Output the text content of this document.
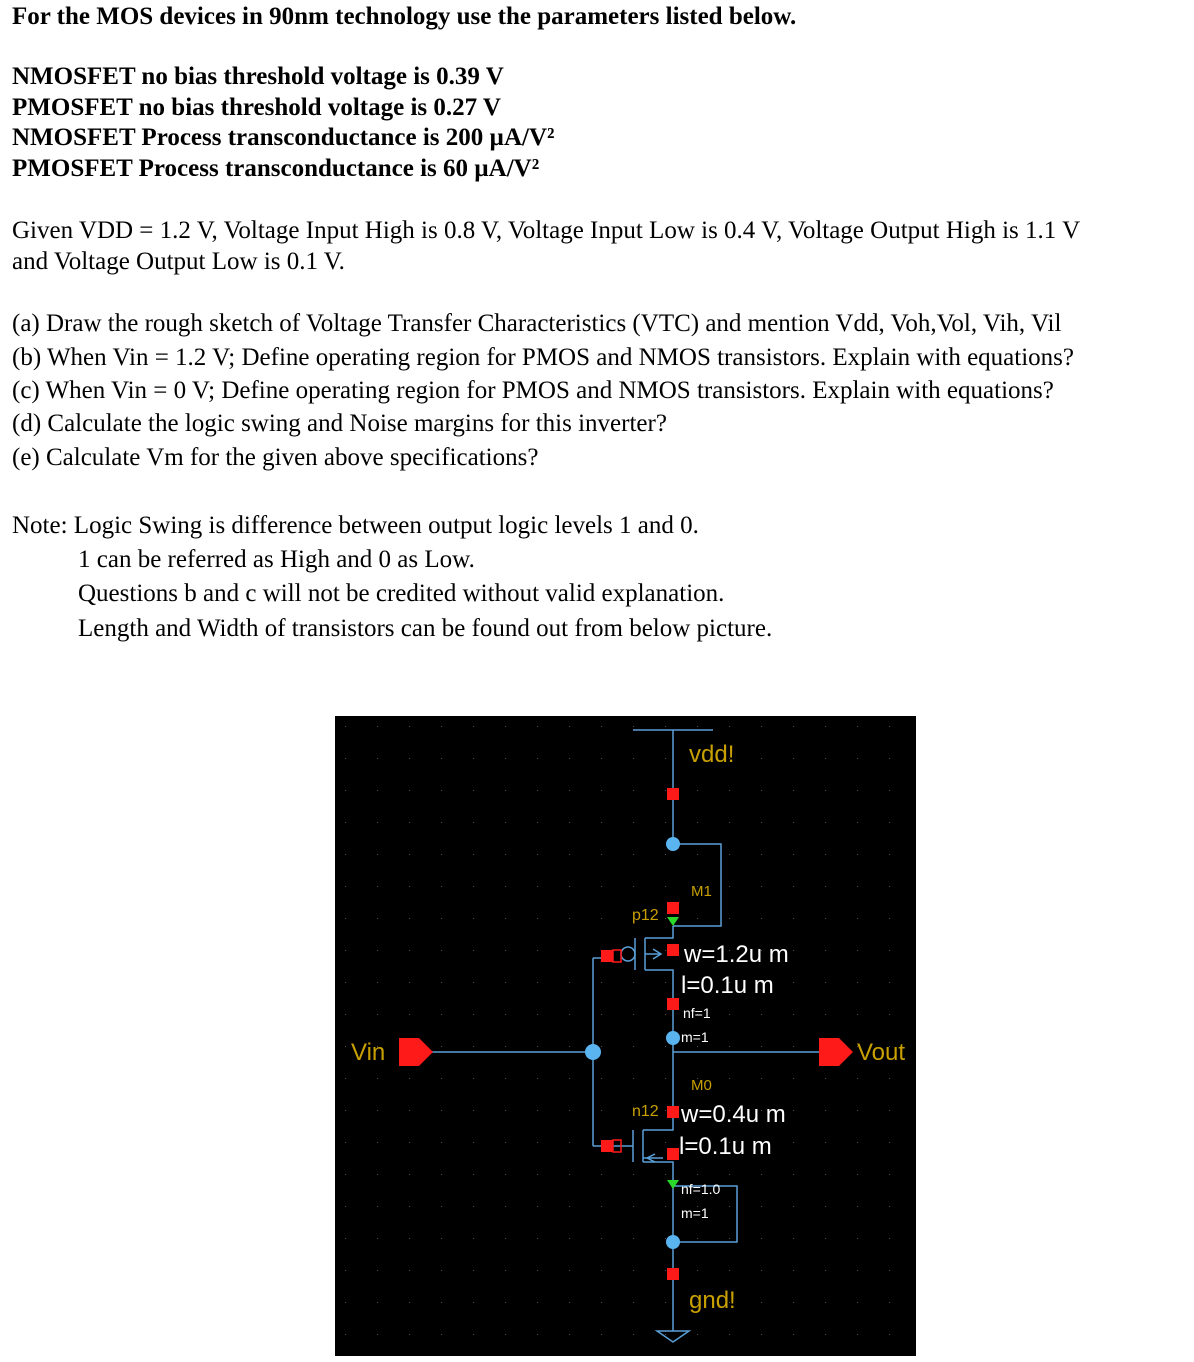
For the MOS devices in 90nm technology use the parameters listed below.
NMOSFET no bias threshold voltage is 0.39 V
PMOSFET no bias threshold voltage is 0.27 V
NMOSFET Process transconductance is 200 µA/V²
PMOSFET Process transconductance is 60 µA/V²
Given VDD = 1.2 V, Voltage Input High is 0.8 V, Voltage Input Low is 0.4 V, Voltage Output High is 1.1 V
and Voltage Output Low is 0.1 V.
(a) Draw the rough sketch of Voltage Transfer Characteristics (VTC) and mention Vdd, Voh,Vol, Vih, Vil
(b) When Vin = 1.2 V; Define operating region for PMOS and NMOS transistors. Explain with equations?
(c) When Vin = 0 V; Define operating region for PMOS and NMOS transistors. Explain with equations?
(d) Calculate the logic swing and Noise margins for this inverter?
(e) Calculate Vm for the given above specifications?
Note: Logic Swing is difference between output logic levels 1 and 0.
1 can be referred as High and 0 as Low.
Questions b and c will not be credited without valid explanation.
Length and Width of transistors can be found out from below picture.
vdd!
gnd!
Vin	Vout
M1
p12
w=1.2u m
l=0.1u m
nf=1
m=1
M0
n12 w=0.4u m
l=0.1u m
nf=1.0
m=1
